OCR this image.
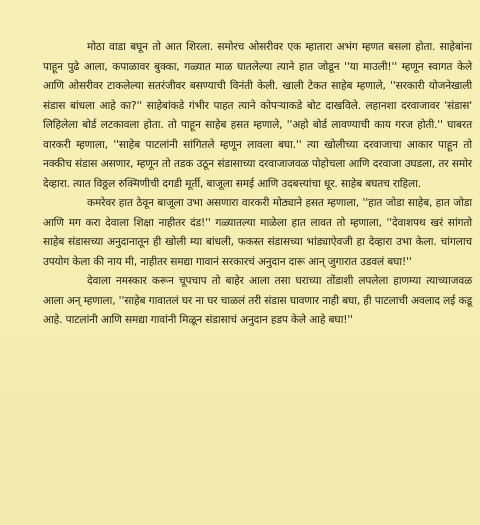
मोठा वाडा बघून तो आत शिरला. समोरच ओसरीवर एक म्हातारा अभंग म्हणत बसला होता. साहेबांना पाहून पुढे आला, कपाळावर बुक्का, गळ्यात माळ घातलेल्या त्याने हात जोडून ''या माउली!'' म्हणून स्वागत केले आणि ओसरीवर टाकलेल्या सतरंजीवर बसण्याची विनंती केली. खाली टेकत साहेब म्हणाले, ''सरकारी योजनेखाली संडास बांधला आहे का?'' साहेबांकडे गंभीर पाहत त्याने कोपऱ्याकडे बोट दाखविले. लहानशा दरवाजावर 'संडास' लिहिलेला बोर्ड लटकावला होता. तो पाहून साहेब हसत म्हणाले, ''अहो बोर्ड लावण्याची काय गरज होती.'' घाबरत वारकरी म्हणाला, ''साहेब पाटलांनी सांगितले म्हणून लावला बघा.'' त्या खोलीच्या दरवाजाचा आकार पाहून तो नक्कीच संडास असणार, म्हणून तो तडक उठून संडासाच्या दरवाजाजवळ पोहोचला आणि दरवाजा उघडला, तर समोर देव्हारा. त्यात विठ्ठल रुक्मिणीची दगडी मूर्ती, बाजूला समई आणि उदबत्त्यांचा धूर. साहेब बघतच राहिला.

कमरेवर हात ठेवून बाजूला उभा असणारा वारकरी मोठ्याने हसत म्हणाला, ''हात जोडा साहेब, हात जोडा आणि मग करा देवाला शिक्षा नाहीतर दंड!'' गळ्यातल्या माळेला हात लावत तो म्हणाला, ''देवाशपथ खरं सांगतो साहेब संडासच्या अनुदानातून ही खोली म्या बांधली, फकस्त संडासच्या भांड्याऐवजी हा देव्हारा उभा केला. चांगलाच उपयोग केला की नाय मी, नाहीतर समद्या गावानं सरकारचं अनुदान दारू आन् जुगारात उडवलं बघा!''

देवाला नमस्कार करून चूपचाप तो बाहेर आला तसा घराच्या तोंडाशी लपलेला हाणम्या त्याच्याजवळ आला अन् म्हणाला, ''साहेब गावातलं घर ना घर चाळलं तरी संडास घावणार नाही बघा, ही पाटलाची अवलाद लई कडू आहे. पाटलांनी आणि समद्या गावांनी मिळून संडासाचं अनुदान हडप केले आहे बघा!''
